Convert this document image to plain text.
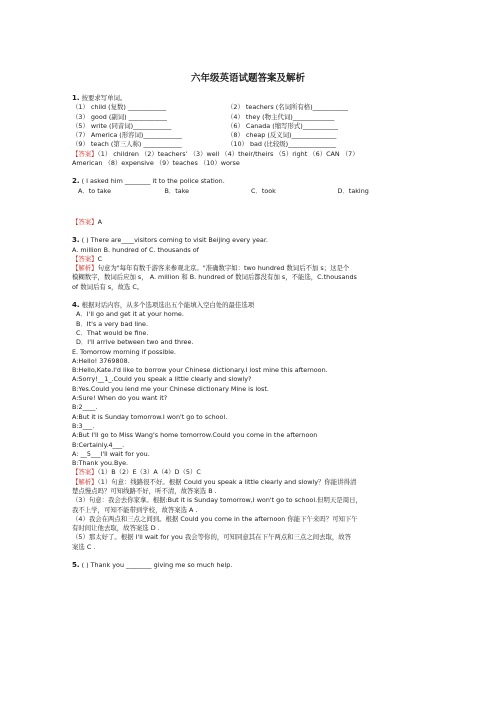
六年级英语试题答案及解析
1. 按要求写单词。
（1） child (复数) ____________	（2） teachers (名词所有格)___________
（3） good (副词) ____________	（4） they (物主代词)_____________
（5） write (同音词)____________	（6） Canada (缩写形式)___________
（7） America (形容词)____________	（8） cheap (反义词)______________
（9） teach (第三人称) ____________	（10） bad (比较级)_______________
【答案】（1） children （2）teachers’ （3）well （4）their/theirs （5）right （6）CAN （7）
American （8）expensive （9）teaches （10）worse
2. ( I asked him ________ it to the police station.
A．to take	B．take	C．took	D．taking
【答案】A
3. ( ) There are____visitors coming to visit Beijing every year.
A. million B. hundred of C. thousands of
【答案】C
【解析】句意为"每年有数千游客来参观北京。"准确数字如：two hundred 数词后不加 s；这是个
模糊数字，数词后应加 s， A. million 和 B. hundred of 数词后都没有加 s，不能选，C.thousands
of 数词后有 s，故选 C。
4. 根据对话内容，从多个选项选出五个能填入空白处的最佳选项
A．I'll go and get it at your home.
B．It's a very bad line.
C．That would be fine.
D．I'll arrive between two and three.
E. Tomorrow morning if possible.
A:Hello! 3769808.
B:Hello,Kate.I'd like to borrow your Chinese dictionary.I lost mine this afternoon.
A:Sorry!__1_.Could you speak a little clearly and slowly?
B:Yes.Could you lend me your Chinese dictionary Mine is lost.
A:Sure! When do you want it?
B:2____.
A:But it is Sunday tomorrow.I won't go to school.
B:3___.
A:But I'll go to Miss Wang's home tomorrow.Could you come in the afternoon
B:Certainly.4___.
A: __5___I'll wait for you.
B:Thank you.Bye.
【答案】（1）B（2）E（3）A（4）D（5）C
【解析】（1）句意：线路很不好。根据 Could you speak a little clearly and slowly？你能讲得清
楚点慢点吗？可知线路不好，听不清，故答案选 B .
（3）句意：我会去你家拿。根据:But it is Sunday tomorrow,I won't go to school.但明天是周日，
我不上学，可知不能带到学校，故答案选 A .
（4）我会在两点和三点之间到。根据 Could you come in the afternoon 你能下午来吗？可知下午
有时间让他去取，故答案选 D .
（5）那太好了。根据 I'll wait for you 我会等你的，可知同意其在下午两点和三点之间去取，故答
案选 C .
5. ( ) Thank you ________ giving me so much help.
